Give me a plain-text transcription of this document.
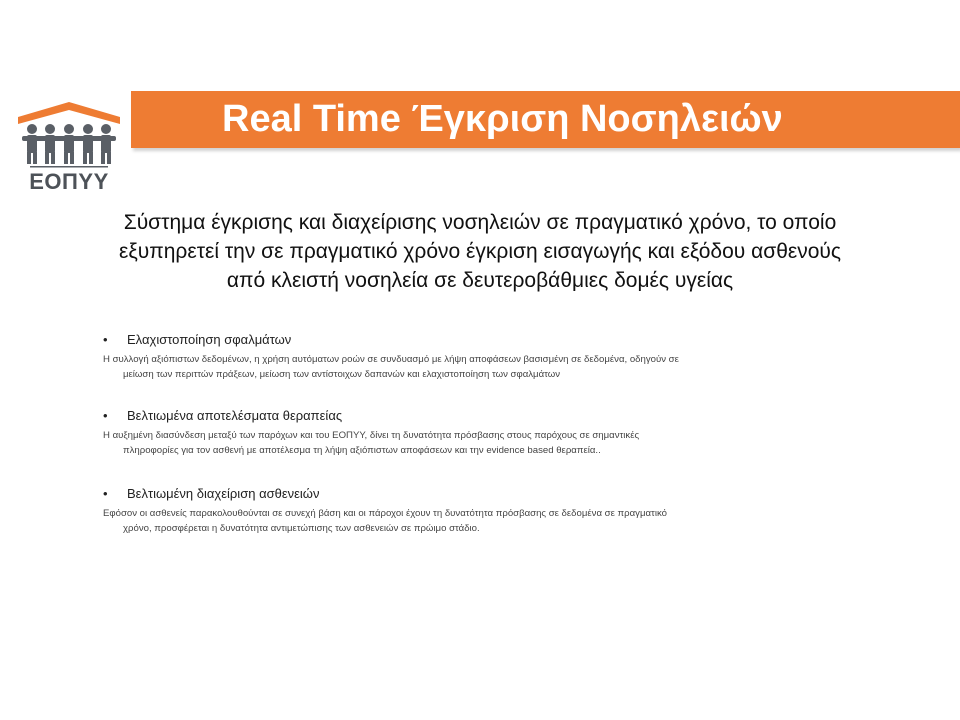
ΕΟΠΥΥ
Real Time Έγκριση Νοσηλειών
Σύστημα έγκρισης και διαχείρισης νοσηλειών σε πραγματικό χρόνο, το οποίο
εξυπηρετεί την σε πραγματικό χρόνο έγκριση εισαγωγής και εξόδου ασθενούς
από κλειστή νοσηλεία σε δευτεροβάθμιες δομές υγείας
• Ελαχιστοποίηση σφαλμάτων
Η συλλογή αξιόπιστων δεδομένων, η χρήση αυτόματων ροών σε συνδυασμό με λήψη αποφάσεων βασισμένη σε δεδομένα, οδηγούν σε
μείωση των περιττών πράξεων, μείωση των αντίστοιχων δαπανών και ελαχιστοποίηση των σφαλμάτων
• Βελτιωμένα αποτελέσματα θεραπείας
Η αυξημένη διασύνδεση μεταξύ των παρόχων και του ΕΟΠΥΥ, δίνει τη δυνατότητα πρόσβασης στους παρόχους σε σημαντικές
πληροφορίες για τον ασθενή με αποτέλεσμα τη λήψη αξιόπιστων αποφάσεων και την evidence based θεραπεία..
• Βελτιωμένη διαχείριση ασθενειών
Εφόσον οι ασθενείς παρακολουθούνται σε συνεχή βάση και οι πάροχοι έχουν τη δυνατότητα πρόσβασης σε δεδομένα σε πραγματικό
χρόνο, προσφέρεται η δυνατότητα αντιμετώπισης των ασθενειών σε πρώιμο στάδιο.
